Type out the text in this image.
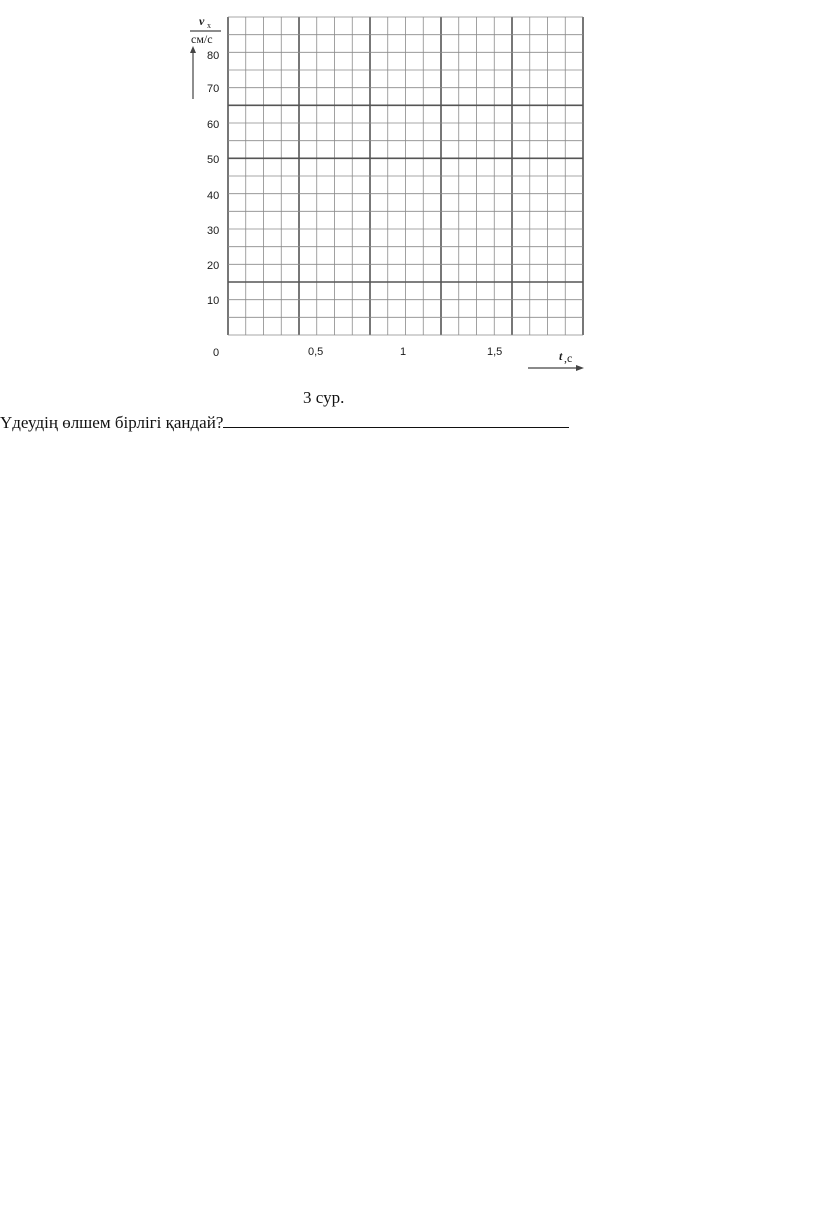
v x
см/с
t ,с
0
10
20
30
40
50
60
70
80
0,5	1	1,5
3 сур.
Үдеудің өлшем бірлігі қандай?
